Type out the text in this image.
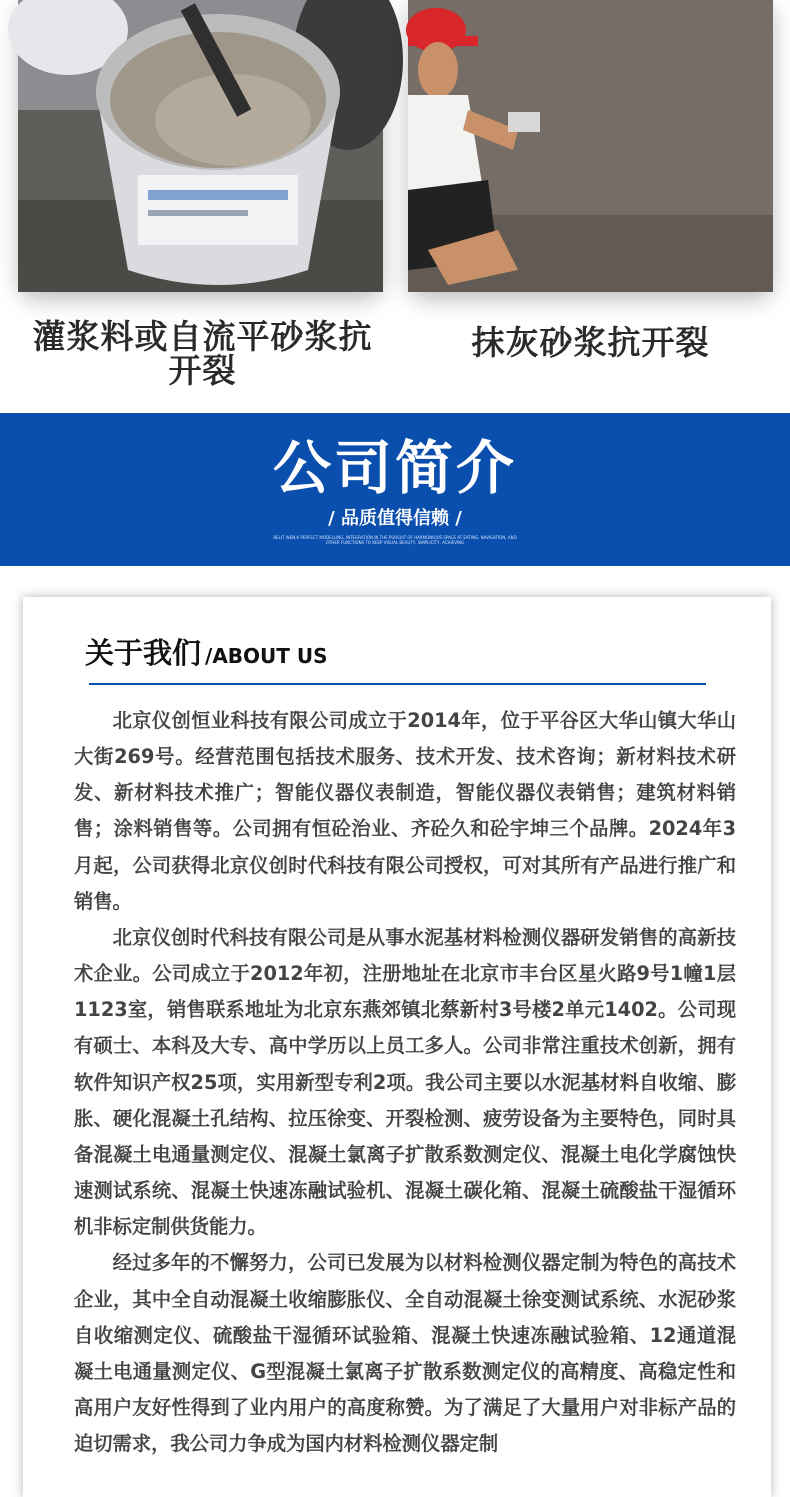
灌浆料或自流平砂浆抗开裂
抹灰砂浆抗开裂
公司简介
/ 品质值得信赖 /
BELIT WEN.K PERFECT MODELLING, INTEGRATION IN THE PURSUIT OF HARMONIOUS SPACE AT EATING, NAVIGATION, AND OTHER FUNCTIONS TO KEEP VISUAL BEAUTY, SIMPLICITY, ACHIEVING
关于我们 /ABOUT US

北京仪创恒业科技有限公司成立于2014年，位于平谷区大华山镇大华山大街269号。经营范围包括技术服务、技术开发、技术咨询；新材料技术研发、新材料技术推广；智能仪器仪表制造，智能仪器仪表销售；建筑材料销售；涂料销售等。公司拥有恒砼治业、齐砼久和砼宇坤三个品牌。2024年3月起，公司获得北京仪创时代科技有限公司授权，可对其所有产品进行推广和销售。

北京仪创时代科技有限公司是从事水泥基材料检测仪器研发销售的高新技术企业。公司成立于2012年初，注册地址在北京市丰台区星火路9号1幢1层1123室，销售联系地址为北京东燕郊镇北蔡新村3号楼2单元1402。公司现有硕士、本科及大专、高中学历以上员工多人。公司非常注重技术创新，拥有软件知识产权25项，实用新型专利2项。我公司主要以水泥基材料自收缩、膨胀、硬化混凝土孔结构、拉压徐变、开裂检测、疲劳设备为主要特色，同时具备混凝土电通量测定仪、混凝土氯离子扩散系数测定仪、混凝土电化学腐蚀快速测试系统、混凝土快速冻融试验机、混凝土碳化箱、混凝土硫酸盐干湿循环机非标定制供货能力。

经过多年的不懈努力，公司已发展为以材料检测仪器定制为特色的高技术企业，其中全自动混凝土收缩膨胀仪、全自动混凝土徐变测试系统、水泥砂浆自收缩测定仪、硫酸盐干湿循环试验箱、混凝土快速冻融试验箱、12通道混凝土电通量测定仪、G型混凝土氯离子扩散系数测定仪的高精度、高稳定性和高用户友好性得到了业内用户的高度称赞。为了满足了大量用户对非标产品的迫切需求，我公司力争成为国内材料检测仪器定制
